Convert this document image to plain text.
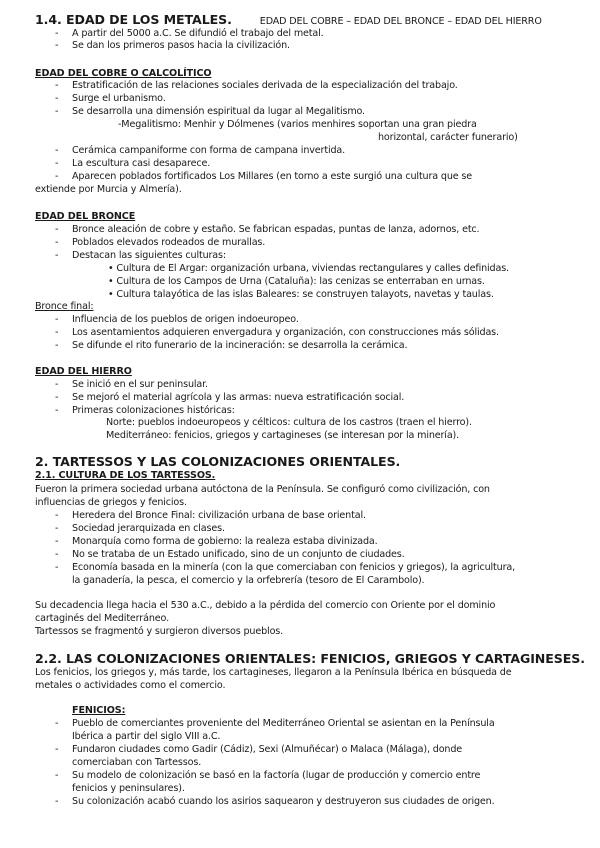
1.4. EDAD DE LOS METALES.	EDAD DEL COBRE – EDAD DEL BRONCE – EDAD DEL HIERRO
- A partir del 5000 a.C. Se difundió el trabajo del metal.
- Se dan los primeros pasos hacia la civilización.
EDAD DEL COBRE O CALCOLÍTICO
- Estratificación de las relaciones sociales derivada de la especialización del trabajo.
- Surge el urbanismo.
- Se desarrolla una dimensión espiritual da lugar al Megalitismo.
-Megalitismo: Menhir y Dólmenes (varios menhires soportan una gran piedra
horizontal, carácter funerario)
- Cerámica campaniforme con forma de campana invertida.
- La escultura casi desaparece.
- Aparecen poblados fortificados Los Millares (en torno a este surgió una cultura que se
extiende por Murcia y Almería).
EDAD DEL BRONCE
- Bronce aleación de cobre y estaño. Se fabrican espadas, puntas de lanza, adornos, etc.
- Poblados elevados rodeados de murallas.
- Destacan las siguientes culturas:
• Cultura de El Argar: organización urbana, viviendas rectangulares y calles definidas.
• Cultura de los Campos de Urna (Cataluña): las cenizas se enterraban en urnas.
• Cultura talayótica de las islas Baleares: se construyen talayots, navetas y taulas.
Bronce final:
- Influencia de los pueblos de origen indoeuropeo.
- Los asentamientos adquieren envergadura y organización, con construcciones más sólidas.
- Se difunde el rito funerario de la incineración: se desarrolla la cerámica.
EDAD DEL HIERRO
- Se inició en el sur peninsular.
- Se mejoró el material agrícola y las armas: nueva estratificación social.
- Primeras colonizaciones históricas:
Norte: pueblos indoeuropeos y célticos: cultura de los castros (traen el hierro).
Mediterráneo: fenicios, griegos y cartagineses (se interesan por la minería).
2. TARTESSOS Y LAS COLONIZACIONES ORIENTALES.
2.1. CULTURA DE LOS TARTESSOS.
Fueron la primera sociedad urbana autóctona de la Península. Se configuró como civilización, con
influencias de griegos y fenicios.
- Heredera del Bronce Final: civilización urbana de base oriental.
- Sociedad jerarquizada en clases.
- Monarquía como forma de gobierno: la realeza estaba divinizada.
- No se trataba de un Estado unificado, sino de un conjunto de ciudades.
- Economía basada en la minería (con la que comerciaban con fenicios y griegos), la agricultura,
la ganadería, la pesca, el comercio y la orfebrería (tesoro de El Carambolo).
Su decadencia llega hacia el 530 a.C., debido a la pérdida del comercio con Oriente por el dominio
cartaginés del Mediterráneo.
Tartessos se fragmentó y surgieron diversos pueblos.
2.2. LAS COLONIZACIONES ORIENTALES: FENICIOS, GRIEGOS Y CARTAGINESES.
Los fenicios, los griegos y, más tarde, los cartagineses, llegaron a la Península Ibérica en búsqueda de
metales o actividades como el comercio.
FENICIOS:
- Pueblo de comerciantes proveniente del Mediterráneo Oriental se asientan en la Península
Ibérica a partir del siglo VIII a.C.
- Fundaron ciudades como Gadir (Cádiz), Sexi (Almuñécar) o Malaca (Málaga), donde
comerciaban con Tartessos.
- Su modelo de colonización se basó en la factoría (lugar de producción y comercio entre
fenicios y peninsulares).
- Su colonización acabó cuando los asirios saquearon y destruyeron sus ciudades de origen.
